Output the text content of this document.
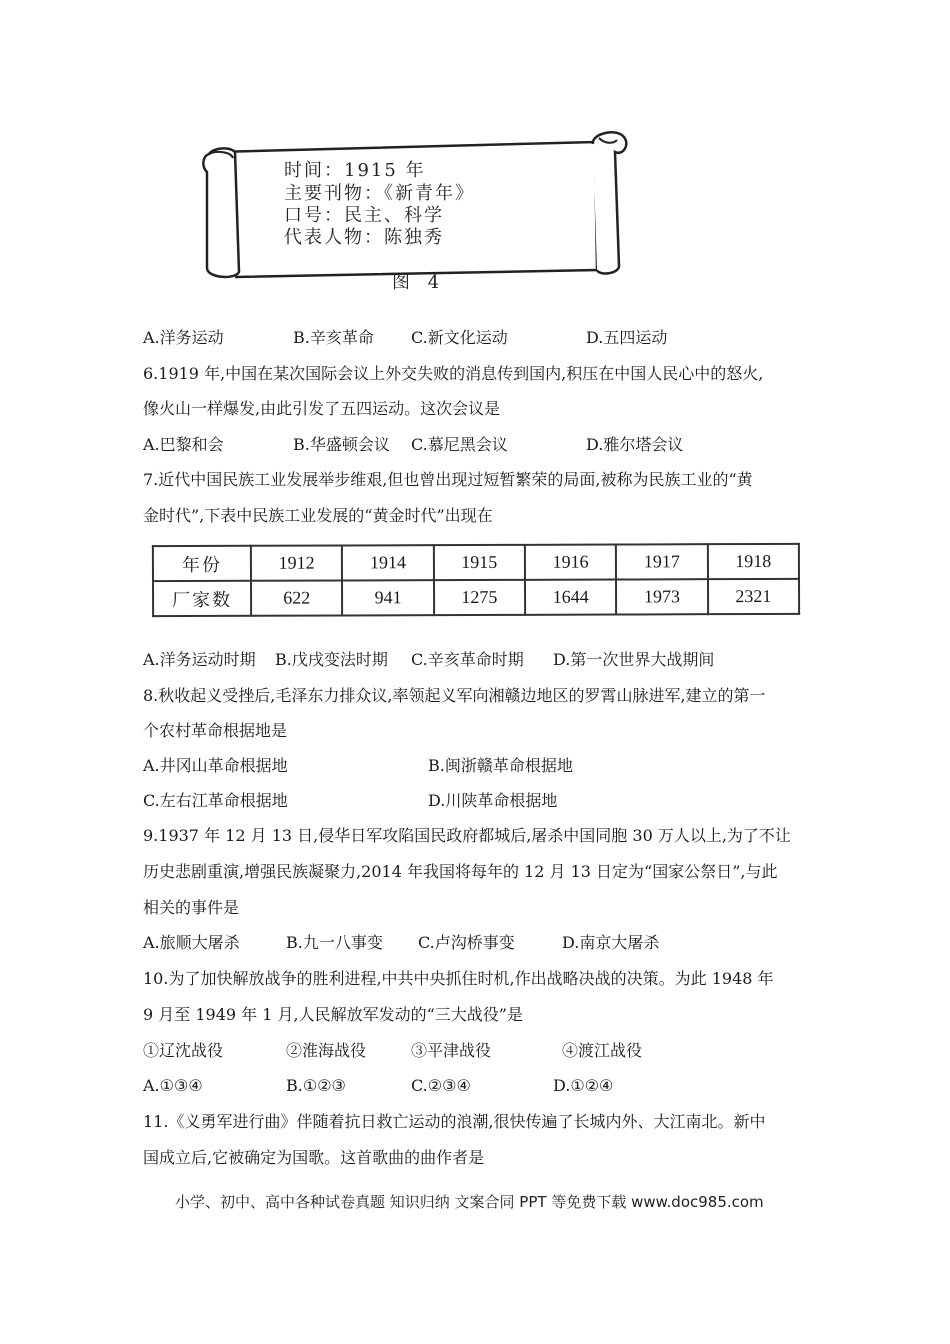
时间：1915 年
主要刊物：《新青年》
口号：民主、科学
代表人物：陈独秀
图 4
A.洋务运动	B.辛亥革命 C.新文化运动	D.五四运动
6.1919 年,中国在某次国际会议上外交失败的消息传到国内,积压在中国人民心中的怒火,
像火山一样爆发,由此引发了五四运动。这次会议是
A.巴黎和会	B.华盛顿会议 C.慕尼黑会议	D.雅尔塔会议
7.近代中国民族工业发展举步维艰,但也曾出现过短暂繁荣的局面,被称为民族工业的“黄
金时代”,下表中民族工业发展的“黄金时代”出现在
年份	1912	1914	1915	1916	1917	1918
厂家数	622	941	1275	1644	1973	2321
A.洋务运动时期 B.戊戌变法时期 C.辛亥革命时期 D.第一次世界大战期间
8.秋收起义受挫后,毛泽东力排众议,率领起义军向湘赣边地区的罗霄山脉进军,建立的第一
个农村革命根据地是
A.井冈山革命根据地	B.闽浙赣革命根据地
C.左右江革命根据地	D.川陕革命根据地
9.1937 年 12 月 13 日,侵华日军攻陷国民政府都城后,屠杀中国同胞 30 万人以上,为了不让
历史悲剧重演,增强民族凝聚力,2014 年我国将每年的 12 月 13 日定为“国家公祭日”,与此
相关的事件是
A.旅顺大屠杀	B.九一八事变 C.卢沟桥事变	D.南京大屠杀
10.为了加快解放战争的胜利进程,中共中央抓住时机,作出战略决战的决策。为此 1948 年
9 月至 1949 年 1 月,人民解放军发动的“三大战役”是
①辽沈战役	②淮海战役	③平津战役	④渡江战役
A.①③④	B.①②③	C.②③④	D.①②④
11.《义勇军进行曲》伴随着抗日救亡运动的浪潮,很快传遍了长城内外、大江南北。新中
国成立后,它被确定为国歌。这首歌曲的曲作者是
小学、初中、高中各种试卷真题 知识归纳 文案合同 PPT 等免费下载 www.doc985.com
